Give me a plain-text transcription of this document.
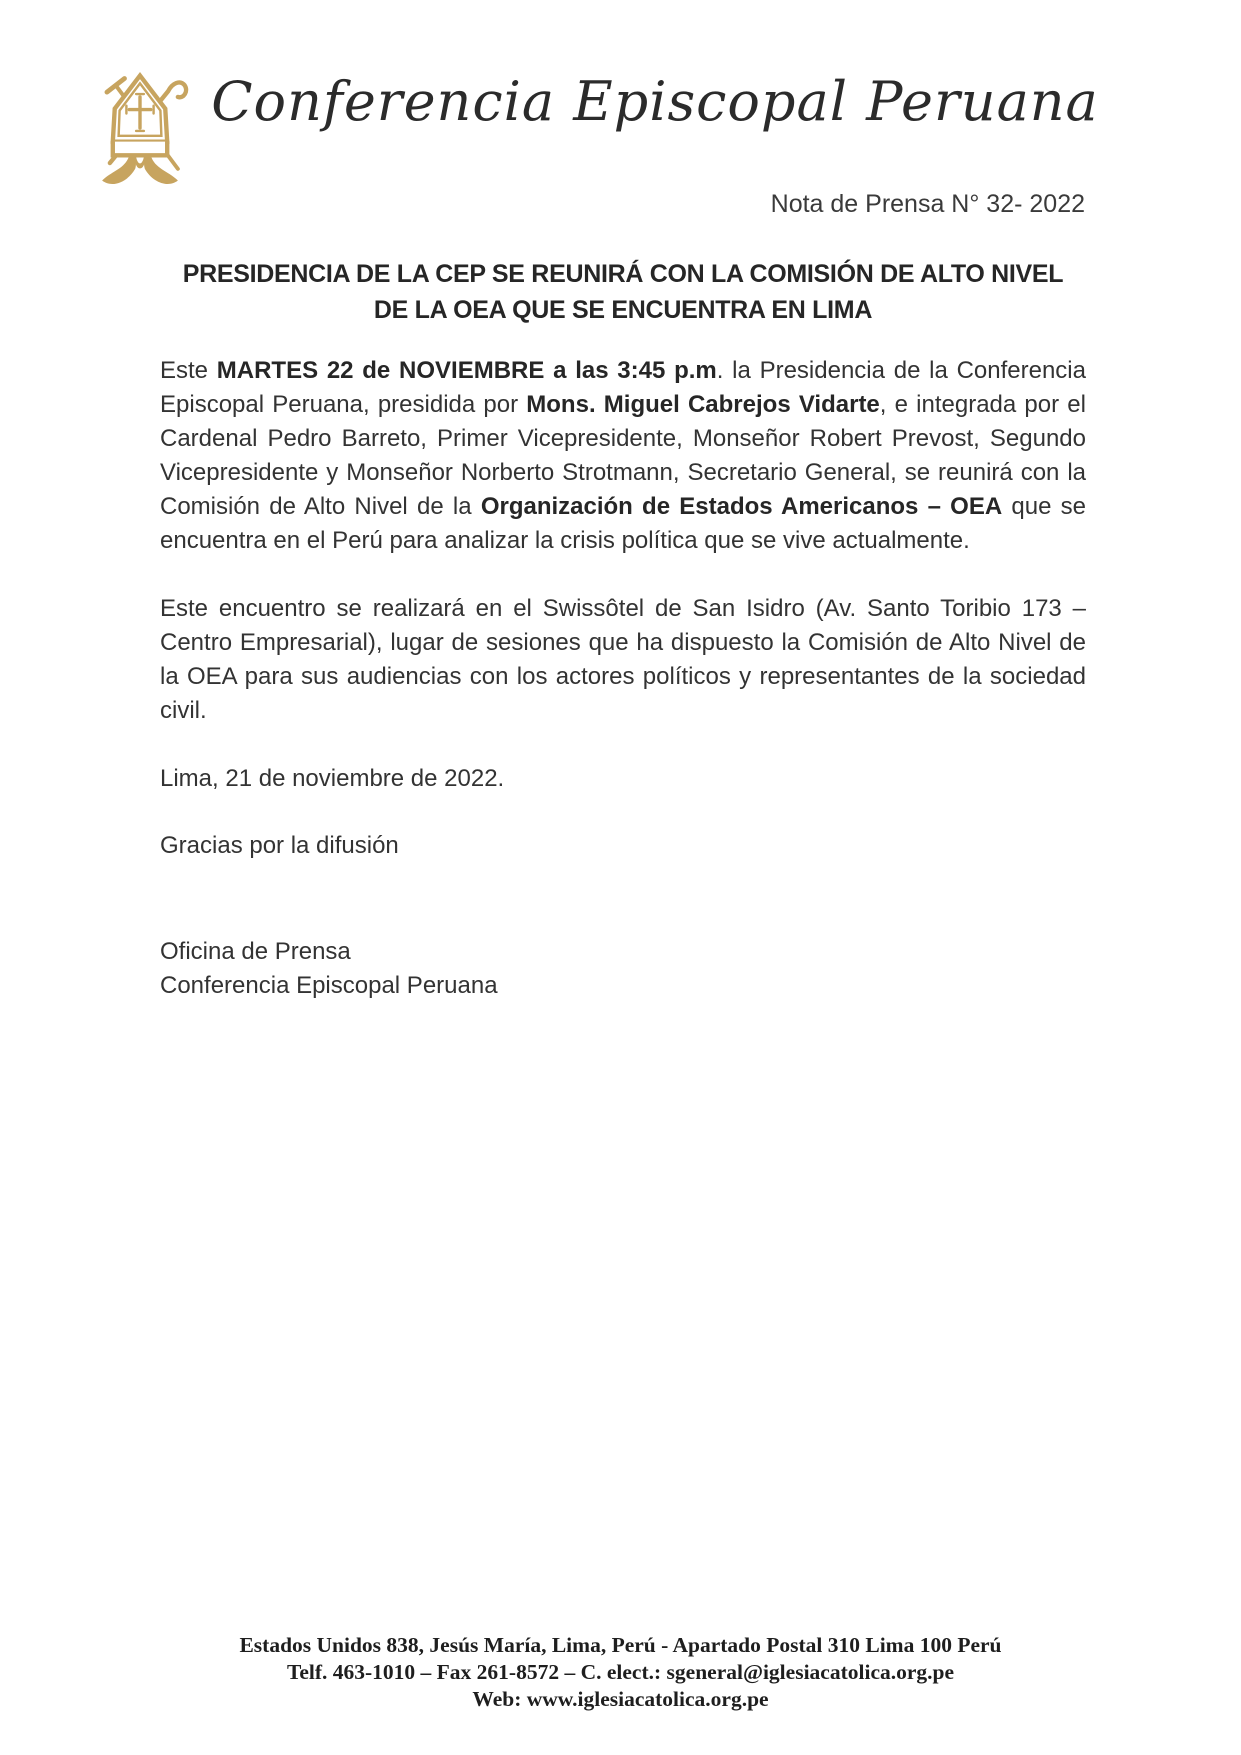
Conferencia Episcopal Peruana
Nota de Prensa N° 32- 2022
PRESIDENCIA DE LA CEP SE REUNIRÁ CON LA COMISIÓN DE ALTO NIVEL
DE LA OEA QUE SE ENCUENTRA EN LIMA

Este MARTES 22 de NOVIEMBRE a las 3:45 p.m. la Presidencia de la Conferencia Episcopal Peruana, presidida por Mons. Miguel Cabrejos Vidarte, e integrada por el Cardenal Pedro Barreto, Primer Vicepresidente, Monseñor Robert Prevost, Segundo Vicepresidente y Monseñor Norberto Strotmann, Secretario General, se reunirá con la Comisión de Alto Nivel de la Organización de Estados Americanos – OEA que se encuentra en el Perú para analizar la crisis política que se vive actualmente.

Este encuentro se realizará en el Swissôtel de San Isidro (Av. Santo Toribio 173 – Centro Empresarial), lugar de sesiones que ha dispuesto la Comisión de Alto Nivel de la OEA para sus audiencias con los actores políticos y representantes de la sociedad civil.

Lima, 21 de noviembre de 2022.
Gracias por la difusión
Oficina de Prensa
Conferencia Episcopal Peruana
Estados Unidos 838, Jesús María, Lima, Perú - Apartado Postal 310 Lima 100 Perú
Telf. 463-1010 – Fax 261-8572 – C. elect.: sgeneral@iglesiacatolica.org.pe
Web: www.iglesiacatolica.org.pe
